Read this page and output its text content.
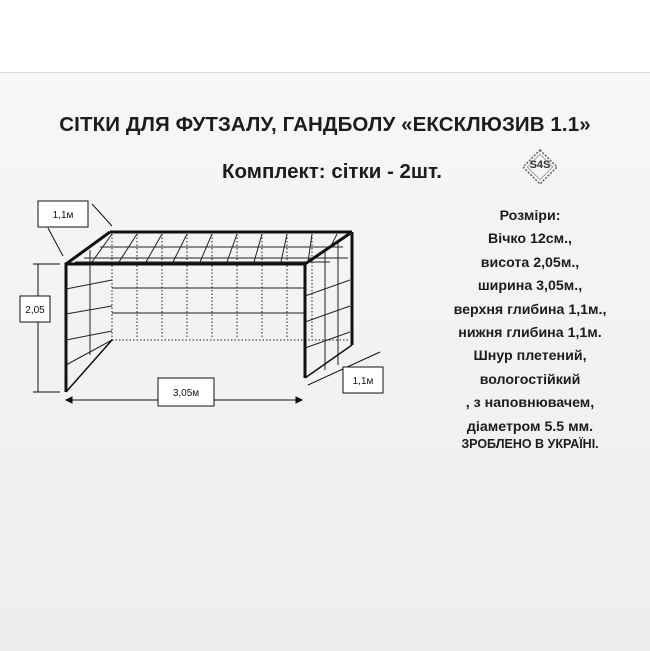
СІТКИ ДЛЯ ФУТЗАЛУ, ГАНДБОЛУ «ЕКСКЛЮЗИВ 1.1»
Комплект: сітки - 2шт.	S4S
1,1м
2,05
3,05м
1,1м
Розміри:
Вічко 12см.,
висота 2,05м.,
ширина 3,05м.,
верхня глибина 1,1м.,
нижня глибина 1,1м.
Шнур плетений,
вологостійкий
, з наповнювачем,
діаметром 5.5 мм.
ЗРОБЛЕНО В УКРАЇНІ.
